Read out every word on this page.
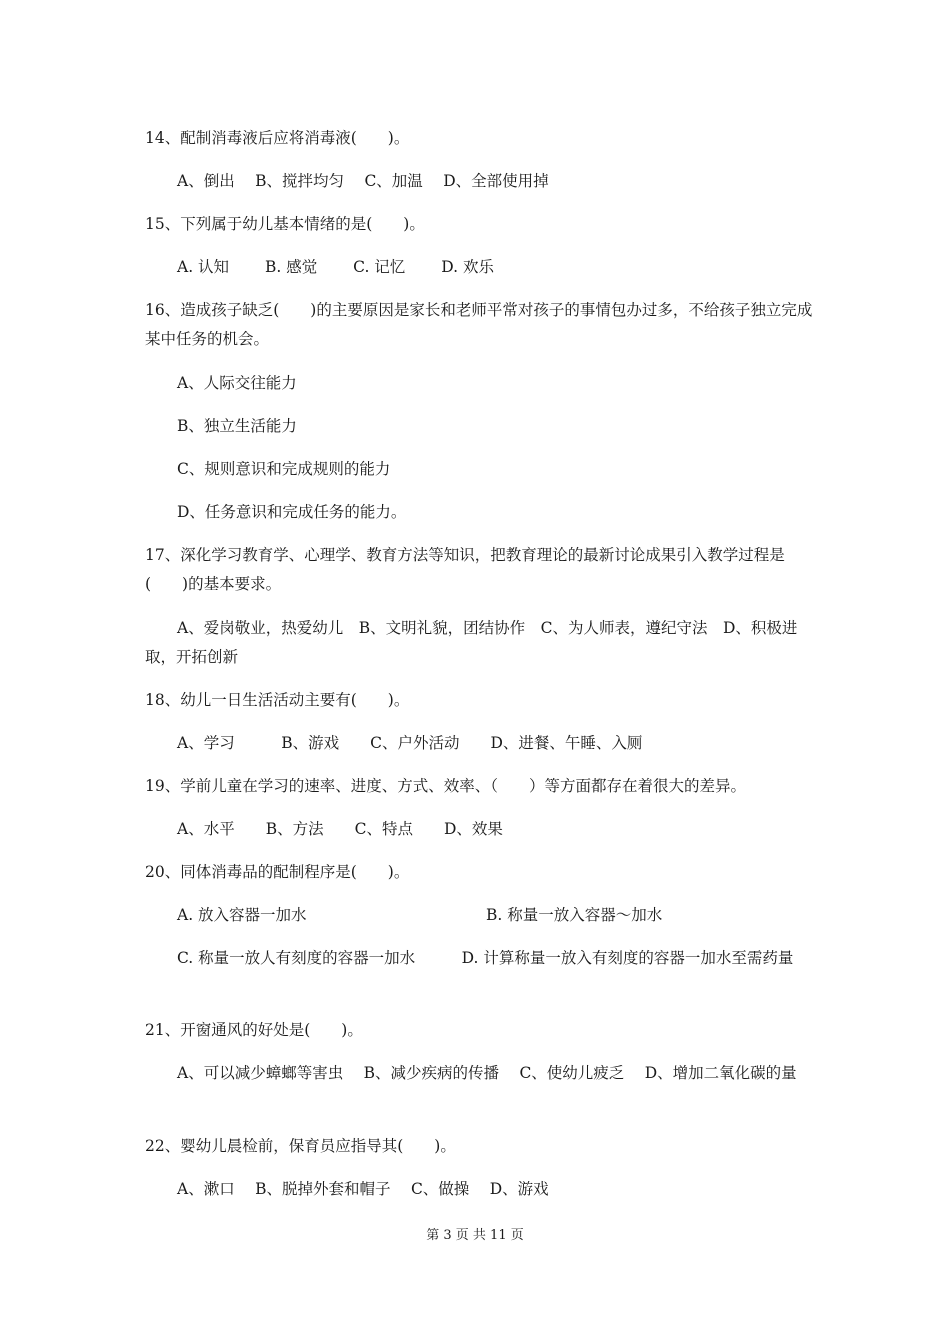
14、配制消毒液后应将消毒液(　　)。
A、倒出　 B、搅拌均匀　 C、加温　 D、全部使用掉
15、下列属于幼儿基本情绪的是(　　)。
A. 认知　　 B. 感觉　　 C. 记忆　　 D. 欢乐
16、造成孩子缺乏(　　)的主要原因是家长和老师平常对孩子的事情包办过多，不给孩子独立完成某中任务的机会。
A、人际交往能力
B、独立生活能力
C、规则意识和完成规则的能力
D、任务意识和完成任务的能力。
17、深化学习教育学、心理学、教育方法等知识，把教育理论的最新讨论成果引入教学过程是(　　)的基本要求。
A、爱岗敬业，热爱幼儿　B、文明礼貌，团结协作　C、为人师表，遵纪守法　D、积极进取，开拓创新
18、幼儿一日生活活动主要有(　　)。
A、学习　　　B、游戏　　C、户外活动　　D、进餐、午睡、入厕
19、学前儿童在学习的速率、进度、方式、效率、（　　）等方面都存在着很大的差异。
A、水平　　B、方法　　C、特点　　D、效果
20、同体消毒品的配制程序是(　　)。
A. 放入容器一加水	B. 称量一放入容器～加水
C. 称量一放人有刻度的容器一加水　　　D. 计算称量一放入有刻度的容器一加水至需药量
21、开窗通风的好处是(　　)。
A、可以减少蟑螂等害虫　 B、减少疾病的传播　 C、使幼儿疲乏　 D、增加二氧化碳的量
22、婴幼儿晨检前，保育员应指导其(　　)。
A、漱口　 B、脱掉外套和帽子　 C、做操　 D、游戏
第 3 页 共 11 页
